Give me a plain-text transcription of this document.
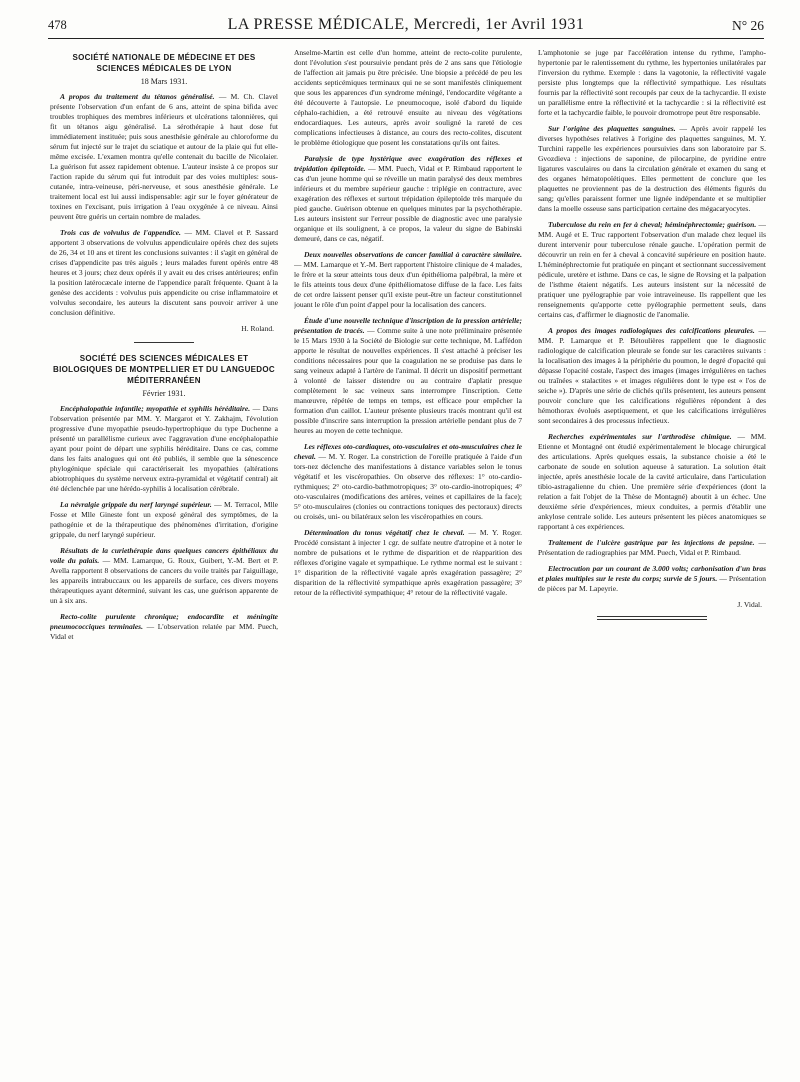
478	LA PRESSE MÉDICALE, Mercredi, 1er Avril 1931	N° 26
SOCIÉTÉ NATIONALE DE MÉDECINE ET DES SCIENCES MÉDICALES DE LYON
18 Mars 1931.

A propos du traitement du tétanos généralisé. — M. Ch. Clavel présente l'observation d'un enfant de 6 ans, atteint de spina bifida avec troubles trophiques des membres inférieurs et ulcérations talonnières, qui fit un tétanos aigu généralisé. La sérothérapie à haut dose fut immédiatement instituée; puis sous anesthésie générale au chloroforme du sérum fut injecté sur le trajet du sciatique et autour de la plaie qui fut elle-même excisée. L'examen montra qu'elle contenait du bacille de Nicolaier. La guérison fut assez rapidement obtenue. L'auteur insiste à ce propos sur l'action rapide du sérum qui fut introduit par des voies multiples: sous-cutanée, intra-veineuse, péri-nerveuse, et sous anesthésie générale. Le traitement local est lui aussi indispensable: agir sur le foyer générateur de toxines en l'excisant, puis irrigation à l'eau oxygénée à ce niveau. Ainsi peuvent être guéris un certain nombre de malades.

Trois cas de volvulus de l'appendice. — MM. Clavel et P. Sassard apportent 3 observations de volvulus appendiculaire opérés chez des sujets de 26, 34 et 10 ans et tirent les conclusions suivantes : il s'agit en général de crises d'appendicite pas très aiguës ; leurs malades furent opérés entre 48 heures et 3 jours; chez deux opérés il y avait eu des crises antérieures; enfin la position latérocæcale interne de l'appendice paraît fréquente. Quant à la genèse des accidents : volvulus puis appendicite ou crise inflammatoire et volvulus secondaire, les auteurs la discutent sans pouvoir arriver à une conclusion définitive.

H. Roland.
SOCIÉTÉ DES SCIENCES MÉDICALES ET BIOLOGIQUES DE MONTPELLIER ET DU LANGUEDOC MÉDITERRANÉEN
Février 1931.

Encéphalopathie infantile; myopathie et syphilis héréditaire. — Dans l'observation présentée par MM. Y. Margarot et Y. Zakhajm, l'évolution progressive d'une myopathie pseudo-hypertrophique du type Duchenne a présenté un parallélisme curieux avec l'aggravation d'une encéphalopathie ayant pour point de départ une syphilis héréditaire. Dans ce cas, comme dans les faits analogues qui ont été publiés, il semble que la sénescence phylogénique spéciale qui caractériserait les myopathies (altérations abiotrophiques du système nerveux extra-pyramidal et végétatif central) ait été déclenchée par une hérédo-syphilis à localisation cérébrale.

La névralgie grippale du nerf laryngé supérieur. — M. Terracol, Mlle Fosse et Mlle Gineste font un exposé général des symptômes, de la pathogénie et de la thérapeutique des phénomènes d'irritation, d'origine grippale, du nerf laryngé supérieur.

Résultats de la curiethérapie dans quelques cancers épithéliaux du voile du palais. — MM. Lamarque, G. Roux, Guibert, Y.-M. Bert et P. Avella rapportent 8 observations de cancers du voile traités par l'aiguillage, les appareils intrabuccaux ou les appareils de surface, ces divers moyens thérapeutiques ayant déterminé, suivant les cas, une guérison apparente de un à six ans.

Recto-colite purulente chronique; endocardite et méningite pneumococciques terminales. — L'observation relatée par MM. Puech, Vidal et

Anselme-Martin est celle d'un homme, atteint de recto-colite purulente, dont l'évolution s'est poursuivie pendant près de 2 ans sans que l'étiologie de l'affection ait jamais pu être précisée. Une biopsie a précédé de peu les accidents septicémiques terminaux qui ne se sont manifestés cliniquement que sous les apparences d'un syndrome méningé, l'endocardite végétante a été découverte à l'autopsie. Le pneumocoque, isolé d'abord du liquide céphalo-rachidien, a été retrouvé ensuite au niveau des végétations endocardiaques. Les auteurs, après avoir souligné la rareté de ces complications infectieuses à distance, au cours des recto-colites, discutent le problème étiologique que posent les constatations qu'ils ont faites.

Paralysie de type hystérique avec exagération des réflexes et trépidation épileptoïde. — MM. Puech, Vidal et P. Rimbaud rapportent le cas d'un jeune homme qui se réveille un matin paralysé des deux membres inférieurs et du membre supérieur gauche : triplégie en contracture, avec exagération des réflexes et surtout trépidation épileptoïde très marquée du pied gauche. Guérison obtenue en quelques minutes par la psychothérapie. Les auteurs insistent sur l'erreur possible de diagnostic avec une paralysie organique et ils soulignent, à ce propos, la valeur du signe de Babinski demeuré, dans ce cas, négatif.

Deux nouvelles observations de cancer familial à caractère similaire. — MM. Lamarque et Y.-M. Bert rapportent l'histoire clinique de 4 malades, le frère et la sœur atteints tous deux d'un épithélioma palpébral, la mère et le fils atteints tous deux d'une épithéliomatose diffuse de la face. Les faits de cet ordre laissent penser qu'il existe peut-être un facteur constitutionnel jouant le rôle d'un point d'appel pour la localisation des cancers.

Étude d'une nouvelle technique d'inscription de la pression artérielle; présentation de tracés. — Comme suite à une note préliminaire présentée le 15 Mars 1930 à la Société de Biologie sur cette technique, M. Laffédon apporte le résultat de nouvelles expériences. Il s'est attaché à préciser les conditions nécessaires pour que la coagulation ne se produise pas dans le sang veineux adapté à l'artère de l'animal. Il décrit un dispositif permettant à volonté de laisser distendre ou au contraire d'aplatir presque complètement le sac veineux sans interrompre l'inscription. Cette manœuvre, répétée de temps en temps, est efficace pour empêcher la formation d'un caillot. L'auteur présente plusieurs tracés montrant qu'il est possible d'inscrire sans interruption la pression artérielle pendant plus de 7 heures au moyen de cette technique.

Les réflexes oto-cardiaques, oto-vasculaires et oto-musculaires chez le cheval. — M. Y. Roger. La constriction de l'oreille pratiquée à l'aide d'un tors-nez déclenche des manifestations à distance variables selon le tonus végétatif et les viscéropathies. On observe des réflexes: 1° oto-cardio-rythmiques; 2° oto-cardio-bathmotropiques; 3° oto-cardio-inotropiques; 4° oto-vasculaires (modifications des artères, veines et capillaires de la face); 5° oto-musculaires (clonies ou contractions toniques des pectoraux) directs ou croisés, uni- ou bilatéraux selon les viscéropathies en cours.

Détermination du tonus végétatif chez le cheval. — M. Y. Roger. Procédé consistant à injecter 1 cgr. de sulfate neutre d'atropine et à noter le nombre de pulsations et le rythme de disparition et de réapparition des réflexes d'origine vagale et sympathique. Le rythme normal est le suivant : 1° disparition de la réflectivité vagale après exagération passagère; 2° disparition de la réflectivité sympathique après exagération passagère; 3° retour de la réflectivité sympathique; 4° retour de la réflectivité vagale.

L'amphotonie se juge par l'accélération intense du rythme, l'ampho-hypertonie par le ralentissement du rythme, les hypertonies unilatérales par l'inversion du rythme. Exemple : dans la vagotonie, la réflectivité vagale persiste plus longtemps que la réflectivité sympathique. Les résultats fournis par la réflectivité sont recoupés par ceux de la tachycardie. Il existe un parallélisme entre la réflectivité et la tachycardie : si la réflectivité est forte et la tachycardie faible, le pouvoir dromotrope peut être responsable.

Sur l'origine des plaquettes sanguines. — Après avoir rappelé les diverses hypothèses relatives à l'origine des plaquettes sanguines, M. Y. Turchini rappelle les expériences poursuivies dans son laboratoire par S. Gvozdieva : injections de saponine, de pilocarpine, de pyridine entre ligatures vasculaires ou dans la circulation générale et examen du sang et des organes hématopoïétiques. Elles permettent de conclure que les plaquettes ne proviennent pas de la destruction des éléments figurés du sang; qu'elles paraissent former une lignée indépendante et se multiplier dans la moelle osseuse sans participation certaine des mégacaryocytes.

Tuberculose du rein en fer à cheval; héminéphrectomie; guérison. — MM. Augé et E. Truc rapportent l'observation d'un malade chez lequel ils durent intervenir pour tuberculose rénale gauche. L'opération permit de découvrir un rein en fer à cheval à concavité supérieure en position haute. L'héminéphrectomie fut pratiquée en pinçant et sectionnant successivement pédicule, uretère et isthme. Dans ce cas, le signe de Rovsing et la palpation de l'isthme étaient négatifs. Les auteurs insistent sur la nécessité de pratiquer une pyélographie par voie intraveineuse. Ils rappellent que les renseignements qu'apporte cette pyélographie permettent seuls, dans certains cas, d'affirmer le diagnostic de l'anomalie.

A propos des images radiologiques des calcifications pleurales. — MM. P. Lamarque et P. Bétoulières rappellent que le diagnostic radiologique de calcification pleurale se fonde sur les caractères suivants : la localisation des images à la périphérie du poumon, le degré d'opacité qui dépasse l'opacité costale, l'aspect des images (images irrégulières en taches ou traînées « stalactites » et images régulières dont le type est « l'os de seiche »). D'après une série de clichés qu'ils présentent, les auteurs pensent pouvoir conclure que les calcifications régulières répondent à des hémothorax évolués aseptiquement, et que les calcifications irrégulières sont secondaires à des processus infectieux.

Recherches expérimentales sur l'arthrodèse chimique. — MM. Etienne et Montagné ont étudié expérimentalement le blocage chirurgical des articulations. Après quelques essais, la substance choisie a été le carbonate de soude en solution aqueuse à saturation. La solution était injectée, après anesthésie locale de la cavité articulaire, dans l'articulation tibio-astragalienne du chien. Une première série d'expériences (dont la relation a fait l'objet de la Thèse de Montagné) aboutit à un échec. Une deuxième série d'expériences, mieux conduites, a permis d'établir une ankylose centrale solide. Les auteurs présentent les pièces anatomiques se rapportant à ces expériences.

Traitement de l'ulcère gastrique par les injections de pepsine. — Présentation de radiographies par MM. Puech, Vidal et P. Rimbaud.

Electrocution par un courant de 3.000 volts; carbonisation d'un bras et plaies multiples sur le reste du corps; survie de 5 jours. — Présentation de pièces par M. Lapeyrie.

J. Vidal.
